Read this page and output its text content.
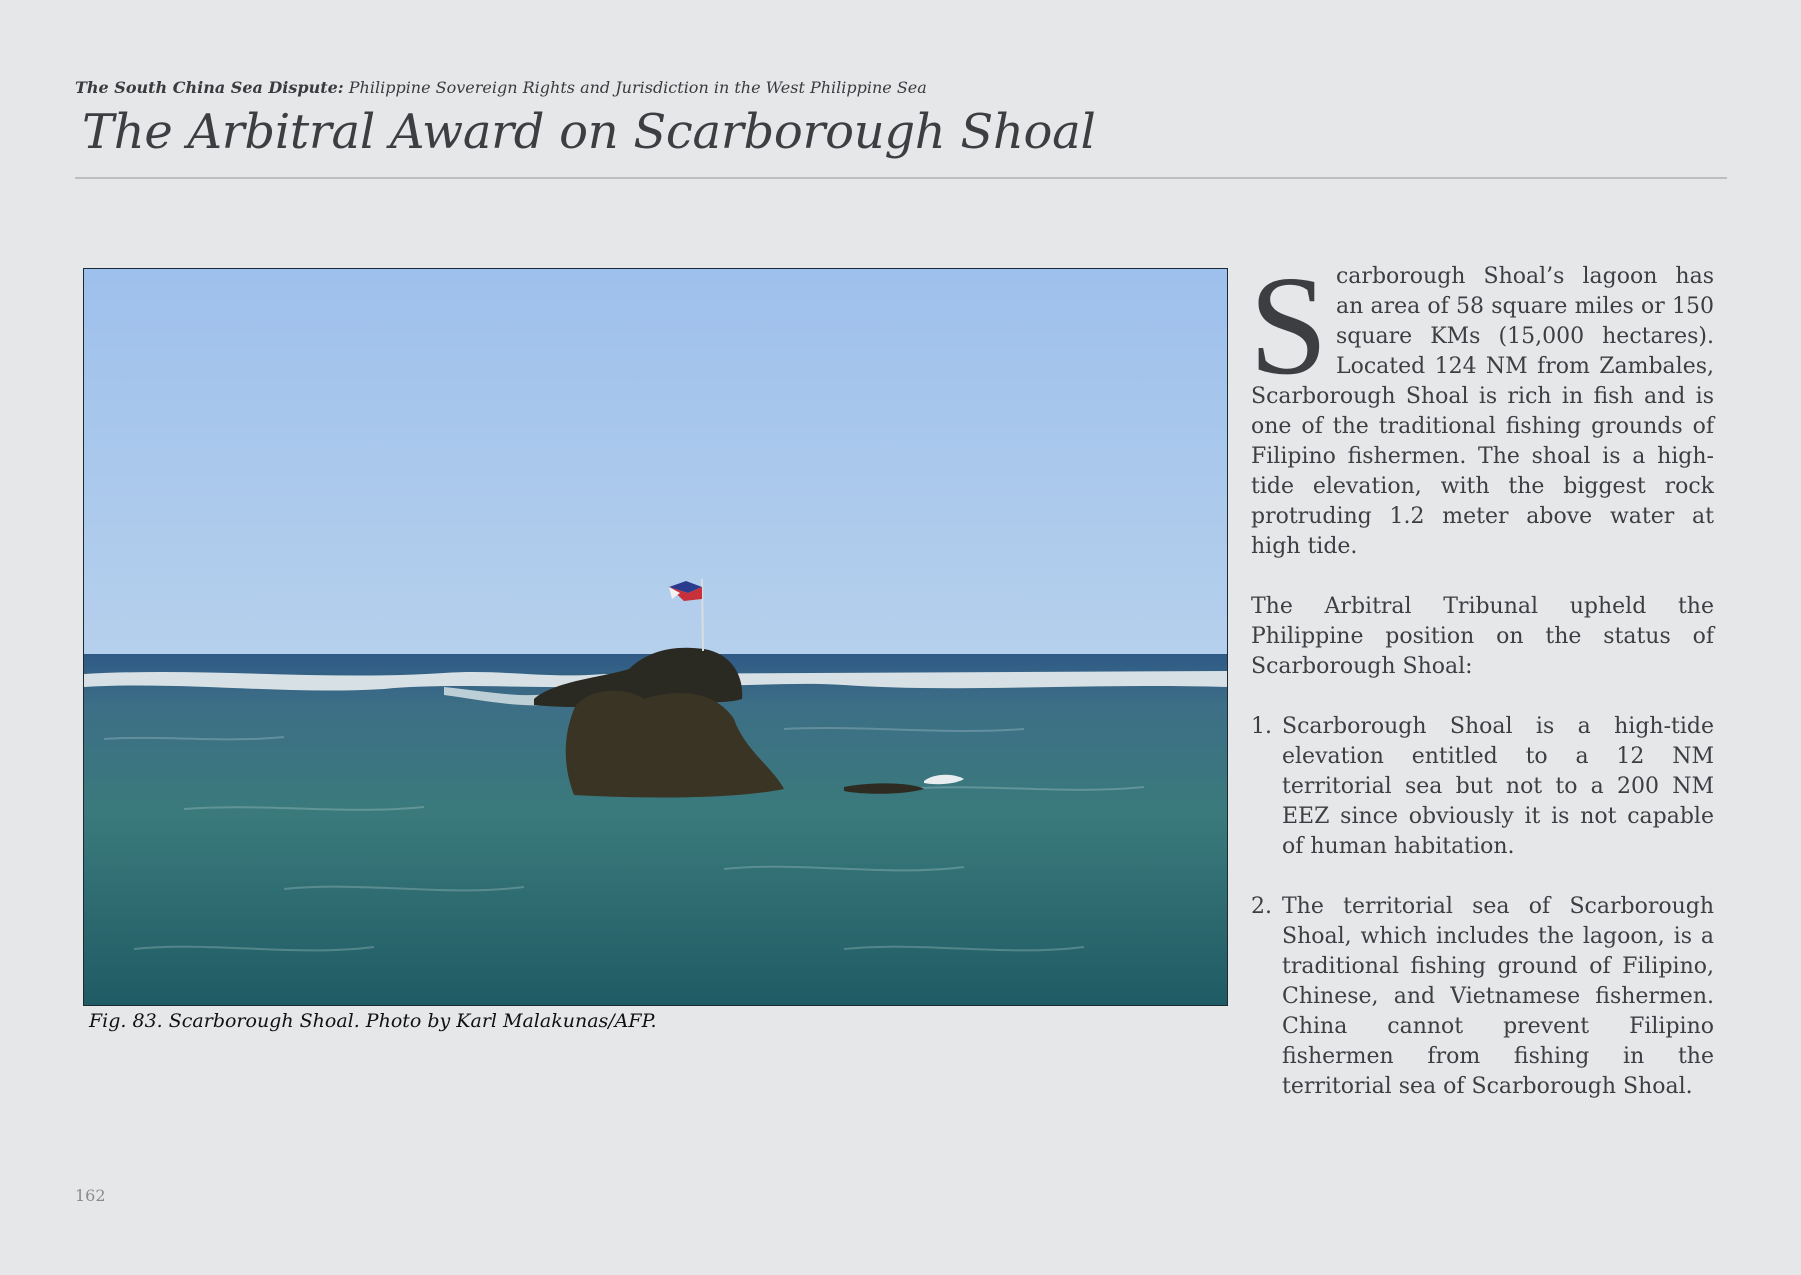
The South China Sea Dispute: Philippine Sovereign Rights and Jurisdiction in the West Philippine Sea
The Arbitral Award on Scarborough Shoal
Fig. 83. Scarborough Shoal. Photo by Karl Malakunas/AFP.

Scarborough Shoal’s lagoon has an area of 58 square miles or 150 square KMs (15,000 hectares). Located 124 NM from Zambales, Scarborough Shoal is rich in fish and is one of the traditional fishing grounds of Filipino fishermen. The shoal is a high-tide elevation, with the biggest rock protruding 1.2 meter above water at high tide.

The Arbitral Tribunal upheld the Philippine position on the status of Scarborough Shoal:

1. Scarborough Shoal is a high-tide elevation entitled to a 12 NM territorial sea but not to a 200 NM EEZ since obviously it is not capable of human habitation.
2. The territorial sea of Scarborough Shoal, which includes the lagoon, is a traditional fishing ground of Filipino, Chinese, and Vietnamese fishermen. China cannot prevent Filipino fishermen from fishing in the territorial sea of Scarborough Shoal.
162
